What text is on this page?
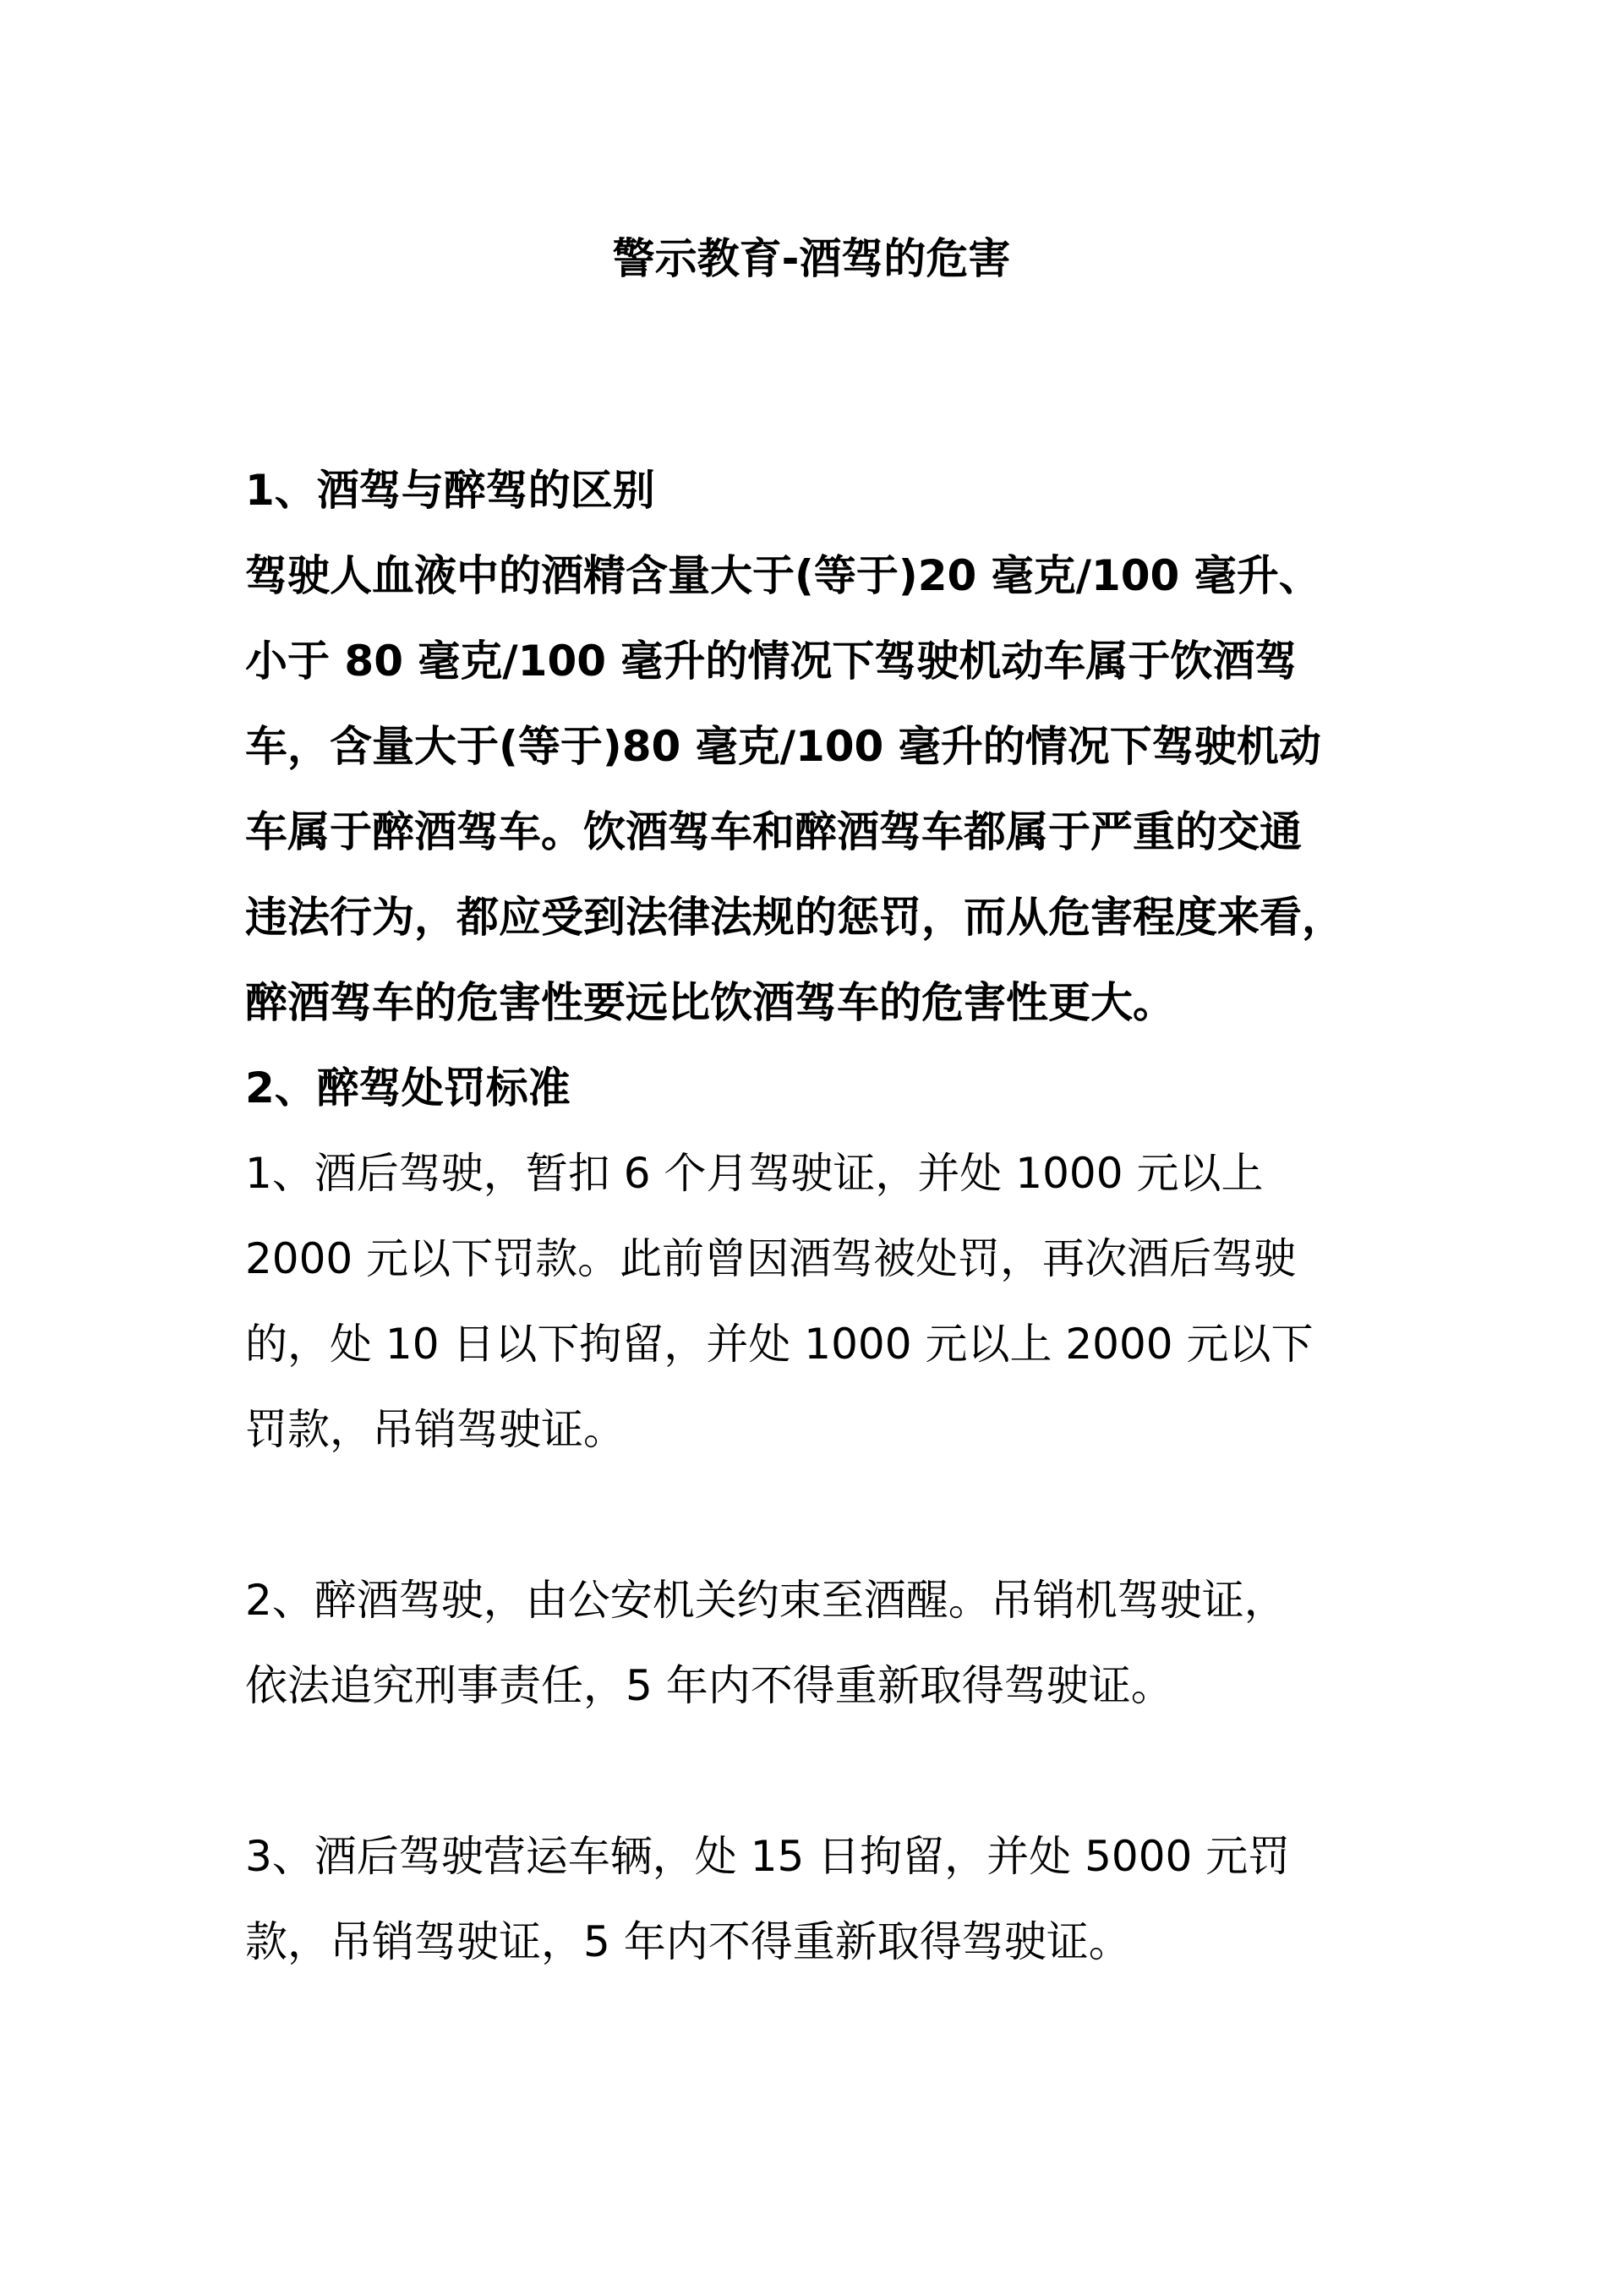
警示教育-酒驾的危害
1、酒驾与醉驾的区别
驾驶人血液中的酒精含量大于(等于)20 毫克/100 毫升、
小于 80 毫克/100 毫升的情况下驾驶机动车属于饮酒驾
车，含量大于(等于)80 毫克/100 毫升的情况下驾驶机动
车属于醉酒驾车。饮酒驾车和醉酒驾车都属于严重的交通
违法行为，都应受到法律法规的惩罚，而从危害程度来看，
醉酒驾车的危害性要远比饮酒驾车的危害性更大。
2、醉驾处罚标准
1、酒后驾驶，暂扣 6 个月驾驶证，并处 1000 元以上
2000 元以下罚款。此前曾因酒驾被处罚，再次酒后驾驶
的，处 10 日以下拘留，并处 1000 元以上 2000 元以下
罚款，吊销驾驶证。
2、醉酒驾驶，由公安机关约束至酒醒。吊销机驾驶证，
依法追究刑事责任，5 年内不得重新取得驾驶证。
3、酒后驾驶营运车辆，处 15 日拘留，并处 5000 元罚
款，吊销驾驶证，5 年内不得重新取得驾驶证。
